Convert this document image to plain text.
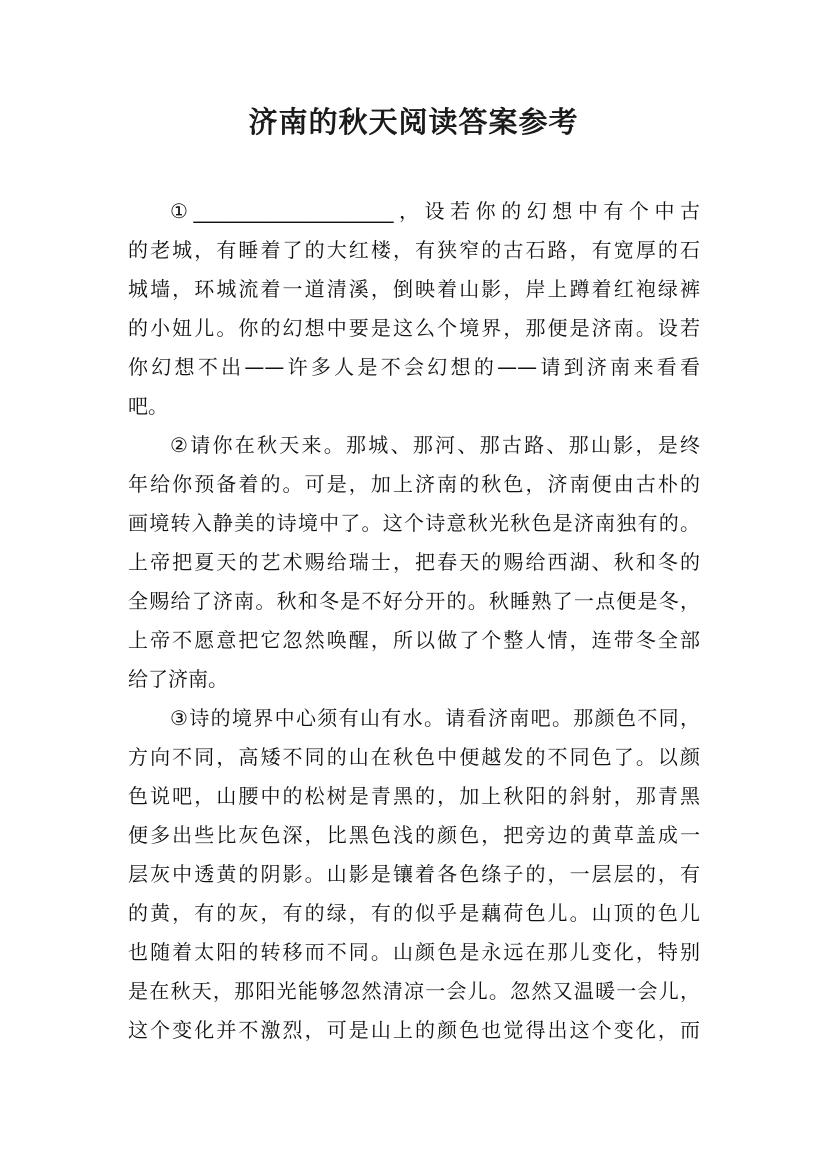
济南的秋天阅读答案参考
①____________________，设若你的幻想中有个中古
的老城，有睡着了的大红楼，有狭窄的古石路，有宽厚的石
城墙，环城流着一道清溪，倒映着山影，岸上蹲着红袍绿裤
的小妞儿。你的幻想中要是这么个境界，那便是济南。设若
你幻想不出——许多人是不会幻想的——请到济南来看看
吧。
②请你在秋天来。那城、那河、那古路、那山影，是终
年给你预备着的。可是，加上济南的秋色，济南便由古朴的
画境转入静美的诗境中了。这个诗意秋光秋色是济南独有的。
上帝把夏天的艺术赐给瑞士，把春天的赐给西湖、秋和冬的
全赐给了济南。秋和冬是不好分开的。秋睡熟了一点便是冬，
上帝不愿意把它忽然唤醒，所以做了个整人情，连带冬全部
给了济南。
③诗的境界中心须有山有水。请看济南吧。那颜色不同，
方向不同，高矮不同的山在秋色中便越发的不同色了。以颜
色说吧，山腰中的松树是青黑的，加上秋阳的斜射，那青黑
便多出些比灰色深，比黑色浅的颜色，把旁边的黄草盖成一
层灰中透黄的阴影。山影是镶着各色绦子的，一层层的，有
的黄，有的灰，有的绿，有的似乎是藕荷色儿。山顶的色儿
也随着太阳的转移而不同。山颜色是永远在那儿变化，特别
是在秋天，那阳光能够忽然清凉一会儿。忽然又温暖一会儿，
这个变化并不激烈，可是山上的颜色也觉得出这个变化，而
